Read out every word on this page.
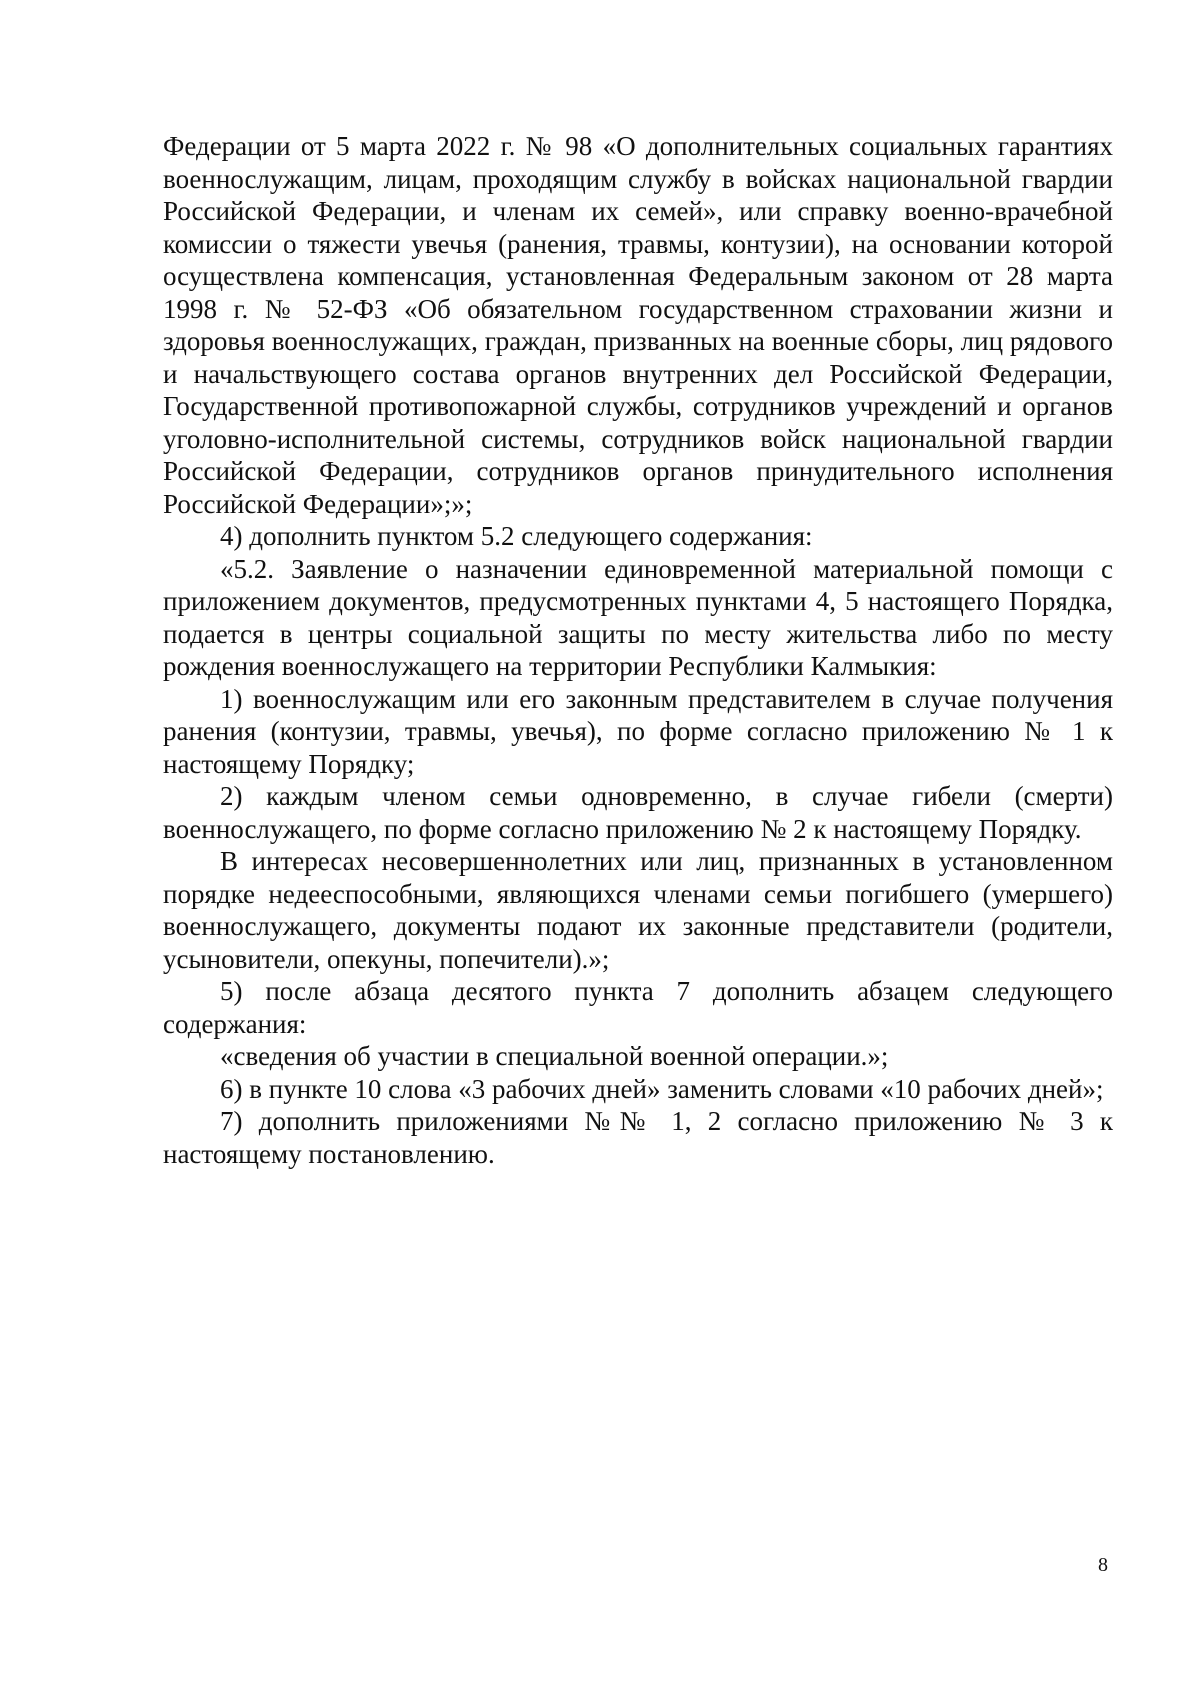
Федерации от 5 марта 2022 г. № 98 «О дополнительных социальных гарантиях военнослужащим, лицам, проходящим службу в войсках национальной гвардии Российской Федерации, и членам их семей», или справку военно-врачебной комиссии о тяжести увечья (ранения, травмы, контузии), на основании которой осуществлена компенсация, установленная Федеральным законом от 28 марта 1998 г. № 52-ФЗ «Об обязательном государственном страховании жизни и здоровья военнослужащих, граждан, призванных на военные сборы, лиц рядового и начальствующего состава органов внутренних дел Российской Федерации, Государственной противопожарной службы, сотрудников учреждений и органов уголовно-исполнительной системы, сотрудников войск национальной гвардии Российской Федерации, сотрудников органов принудительного исполнения Российской Федерации»;»;

4) дополнить пунктом 5.2 следующего содержания:

«5.2. Заявление о назначении единовременной материальной помощи с приложением документов, предусмотренных пунктами 4, 5 настоящего Порядка, подается в центры социальной защиты по месту жительства либо по месту рождения военнослужащего на территории Республики Калмыкия:

1) военнослужащим или его законным представителем в случае получения ранения (контузии, травмы, увечья), по форме согласно приложению № 1 к настоящему Порядку;

2) каждым членом семьи одновременно, в случае гибели (смерти) военнослужащего, по форме согласно приложению № 2 к настоящему Порядку.

В интересах несовершеннолетних или лиц, признанных в установленном порядке недееспособными, являющихся членами семьи погибшего (умершего) военнослужащего, документы подают их законные представители (родители, усыновители, опекуны, попечители).»;

5) после абзаца десятого пункта 7 дополнить абзацем следующего содержания:

«сведения об участии в специальной военной операции.»;

6) в пункте 10 слова «3 рабочих дней» заменить словами «10 рабочих дней»;

7) дополнить приложениями №№ 1, 2 согласно приложению № 3 к настоящему постановлению.

8
